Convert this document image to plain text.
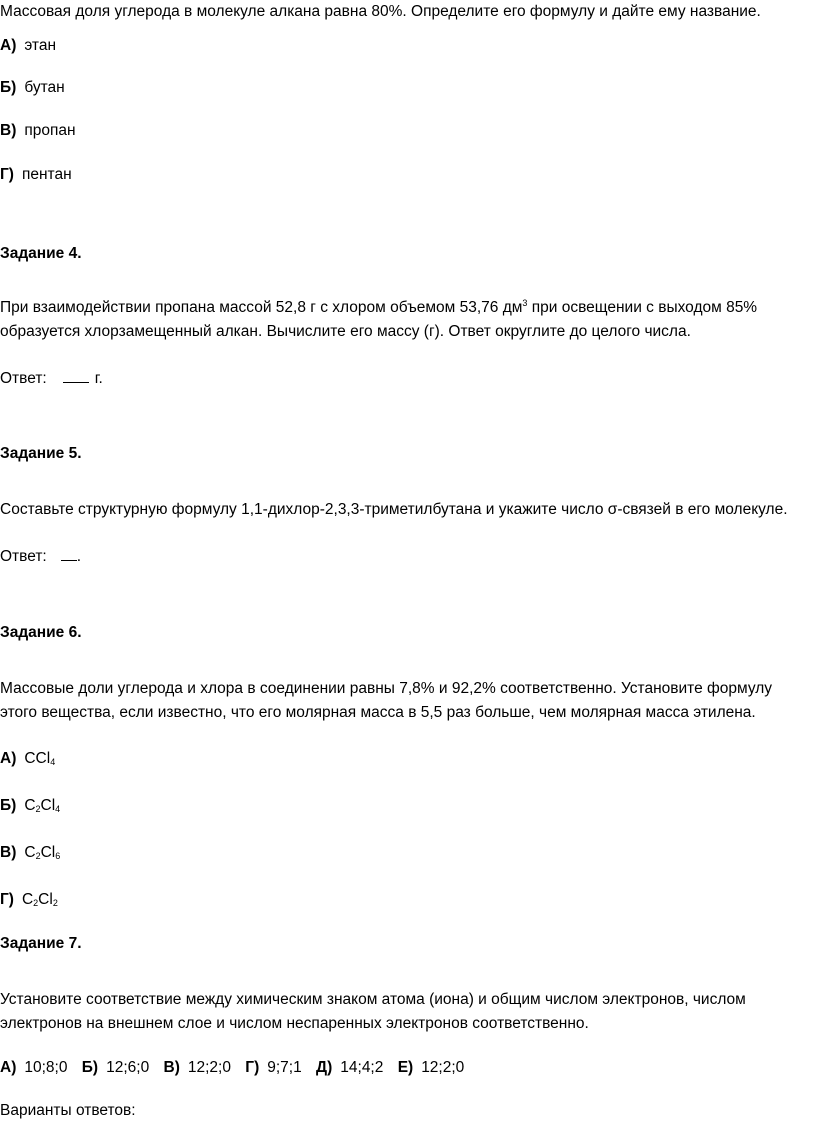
Массовая доля углерода в молекуле алкана равна 80%. Определите его формулу и дайте ему название.
А) этан
Б) бутан
В) пропан
Г) пентан
Задание 4.
При взаимодействии пропана массой 52,8 г с хлором объемом 53,76 $дм^3$ при освещении с выходом 85%
образуется хлорзамещенный алкан. Вычислите его массу (г). Ответ округлите до целого числа.
Ответ:	г.
Задание 5.
Составьте структурную формулу 1,1-дихлор-2,3,3-триметилбутана и укажите число σ-связей в его молекуле.
Ответ: .
Задание 6.
Массовые доли углерода и хлора в соединении равны 7,8% и 92,2% соответственно. Установите формулу
этого вещества, если известно, что его молярная масса в 5,5 раз больше, чем молярная масса этилена.
А) CCl$_4$
Б) $C_2Cl_4$
В) $C_2Cl_6$
Г) $C_2Cl_2$
Задание 7.
Установите соответствие между химическим знаком атома (иона) и общим числом электронов, числом
электронов на внешнем слое и числом неспаренных электронов соответственно.
А) 10;8;0 Б) 12;6;0 В) 12;2;0 Г) 9;7;1 Д) 14;4;2 Е) 12;2;0
Варианты ответов:
